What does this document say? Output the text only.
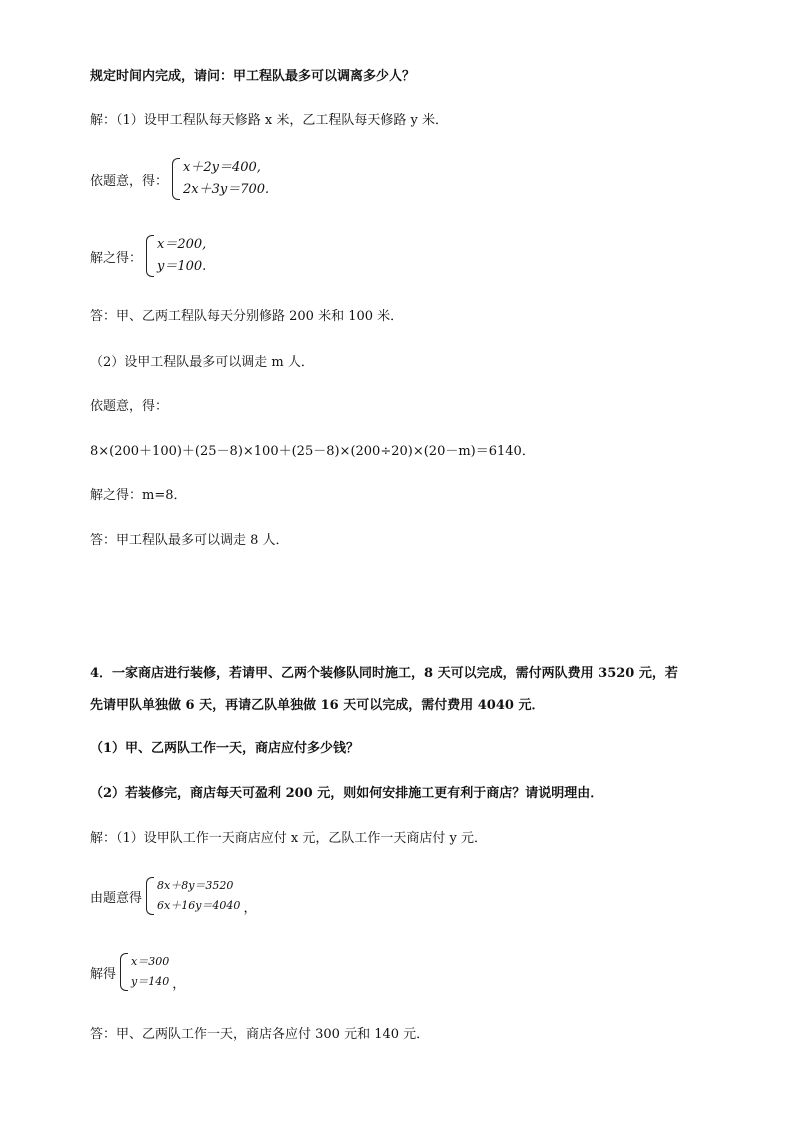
规定时间内完成，请问：甲工程队最多可以调离多少人？
解：（1）设甲工程队每天修路 x 米，乙工程队每天修路 y 米．
依题意，得：
x＋2y＝400,
2x＋3y＝700.
解之得：
x＝200,
y＝100.
答：甲、乙两工程队每天分别修路 200 米和 100 米．
（2）设甲工程队最多可以调走 m 人．
依题意，得：
8×(200＋100)＋(25－8)×100＋(25－8)×(200÷20)×(20－m)＝6140．
解之得：m=8．
答：甲工程队最多可以调走 8 人．
4．一家商店进行装修，若请甲、乙两个装修队同时施工，8 天可以完成，需付两队费用 3520 元，若
先请甲队单独做 6 天，再请乙队单独做 16 天可以完成，需付费用 4040 元．
（1）甲、乙两队工作一天，商店应付多少钱？
（2）若装修完，商店每天可盈利 200 元，则如何安排施工更有利于商店？请说明理由．
解：（1）设甲队工作一天商店应付 x 元，乙队工作一天商店付 y 元．
由题意得
8x＋8y＝3520
6x＋16y＝4040 ，
解得
x＝300
y＝140 ，
答：甲、乙两队工作一天，商店各应付 300 元和 140 元．
